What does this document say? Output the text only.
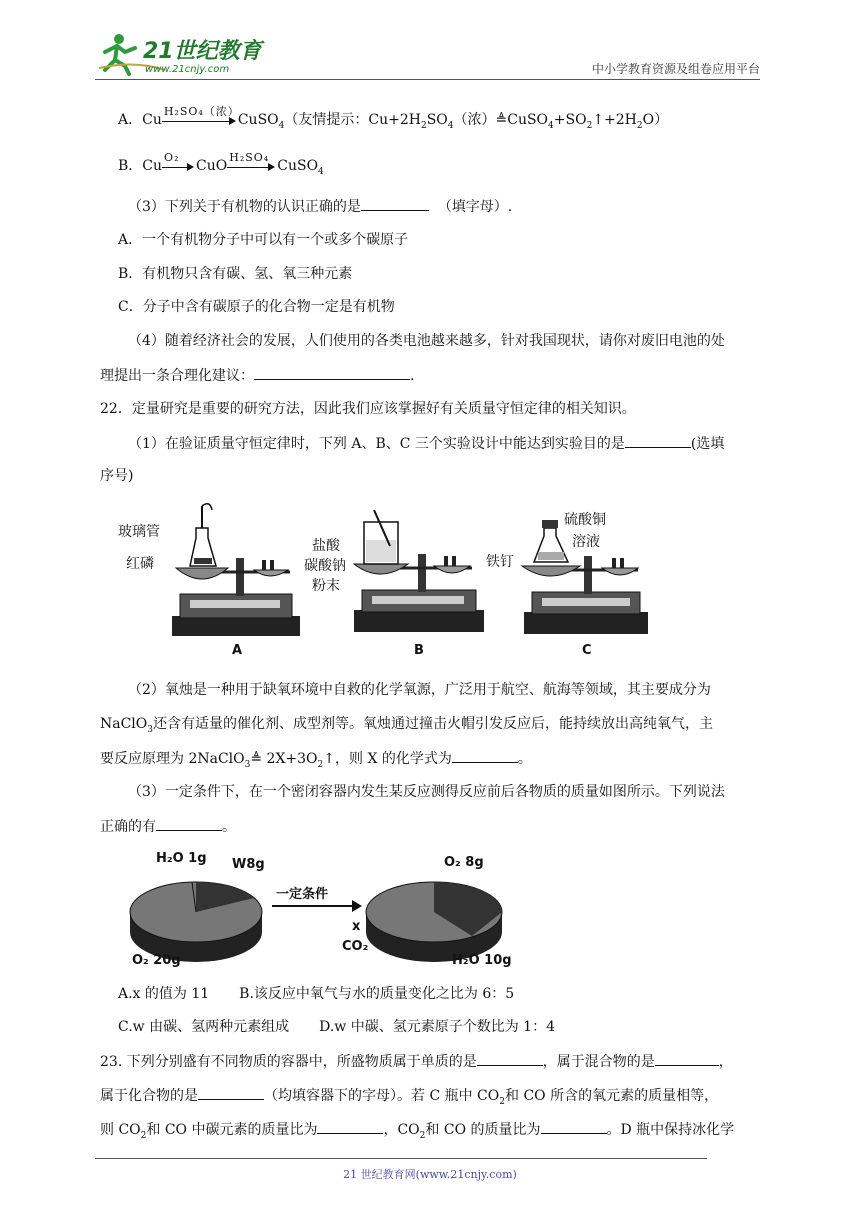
21世纪教育
www.21cnjy.com	中小学教育资源及组卷应用平台
A．Cu
H₂SO₄（浓）
CuSO$_4$（友情提示：$Cu+2H_2SO_4$（浓）$≜CuSO_4+SO_2↑+2H_2O$）
B．Cu
O₂
CuO
H₂SO₄
CuSO$_4$
（3）下列关于有机物的认识正确的是	（填字母）.
A．一个有机物分子中可以有一个或多个碳原子
B．有机物只含有碳、氢、氧三种元素
C．分子中含有碳原子的化合物一定是有机物
（4）随着经济社会的发展，人们使用的各类电池越来越多，针对我国现状，请你对废旧电池的处
理提出一条合理化建议：	.
22．定量研究是重要的研究方法，因此我们应该掌握好有关质量守恒定律的相关知识。
（1）在验证质量守恒定律时，下列 A、B、C 三个实验设计中能达到实验目的是	(选填
序号)
玻璃管
红磷
A
盐酸
碳酸钠
粉末
B
硫酸铜
溶液
铁钉
C
（2）氧烛是一种用于缺氧环境中自救的化学氧源，广泛用于航空、航海等领域，其主要成分为
NaClO$_3$还含有适量的催化剂、成型剂等。氧烛通过撞击火帽引发反应后，能持续放出高纯氧气，主
要反应原理为 2NaClO$_3$≜ $2X+3O_2↑$，则 X 的化学式为	。
（3）一定条件下，在一个密闭容器内发生某反应测得反应前后各物质的质量如图所示。下列说法
正确的有	。
H₂O 1g W8g
O₂ 20g
一定条件
O₂ 8g
x
CO₂
H₂O 10g
A.x 的值为 11 B.该反应中氧气与水的质量变化之比为 6：5
C.w 由碳、氢两种元素组成 D.w 中碳、氢元素原子个数比为 1：4
23. 下列分别盛有不同物质的容器中，所盛物质属于单质的是	，属于混合物的是	，
属于化合物的是	（均填容器下的字母）。若 C 瓶中 $CO_2$和 CO 所含的氧元素的质量相等，
则 $CO_2$和 CO 中碳元素的质量比为	，$CO_2$和 CO 的质量比为	。D 瓶中保持冰化学
21 世纪教育网(www.21cnjy.com)
